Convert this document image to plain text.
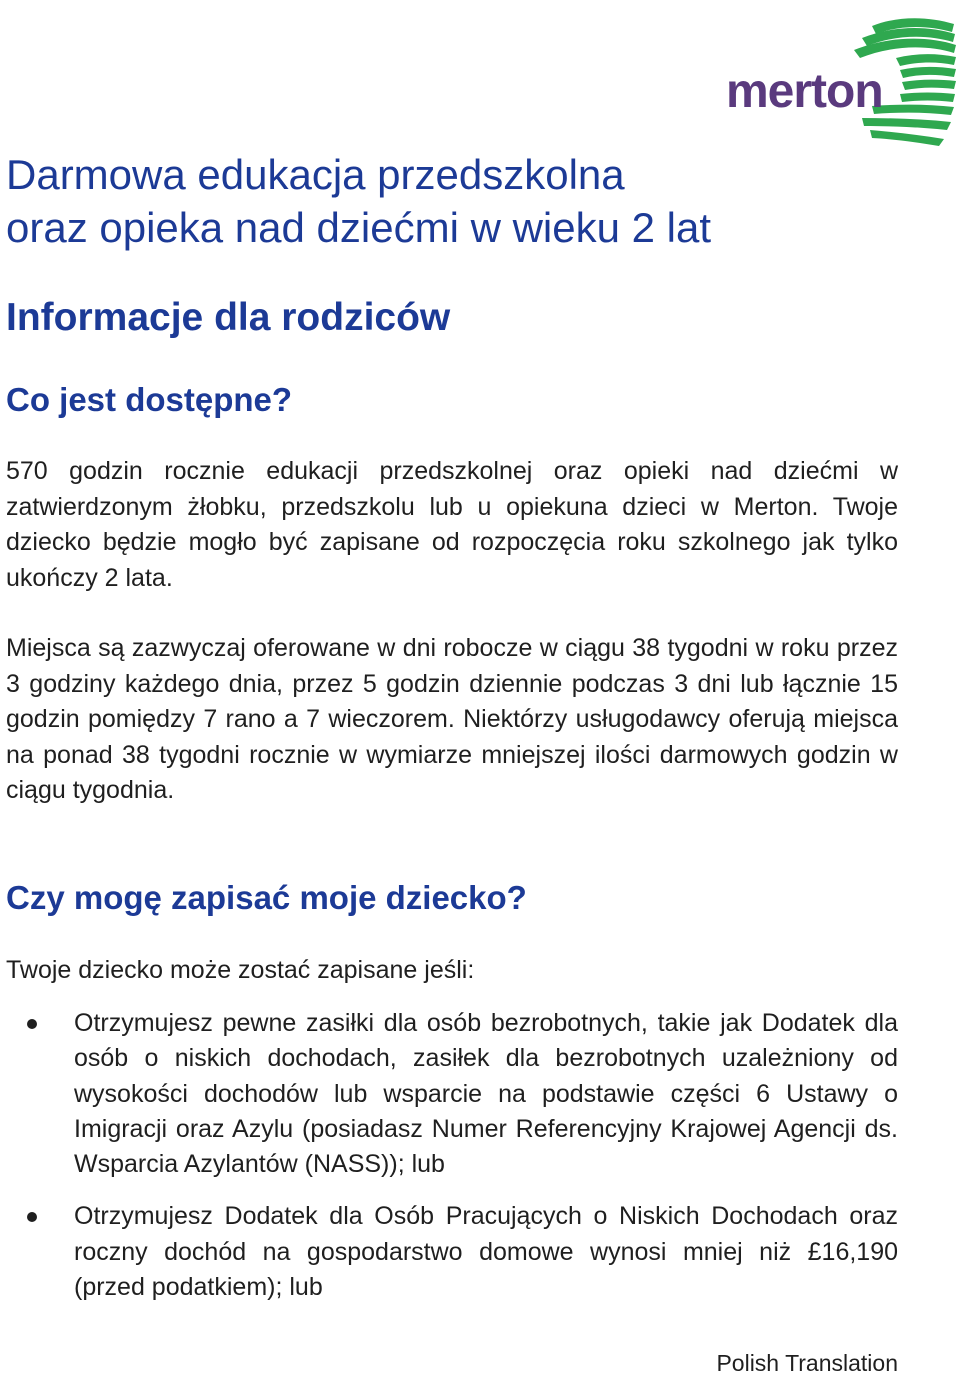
merton
Darmowa edukacja przedszkolna
oraz opieka nad dziećmi w wieku 2 lat
Informacje dla rodziców
Co jest dostępne?

570 godzin rocznie edukacji przedszkolnej oraz opieki nad dziećmi w zatwierdzonym żłobku, przedszkolu lub u opiekuna dzieci w Merton. Twoje dziecko będzie mogło być zapisane od rozpoczęcia roku szkolnego jak tylko ukończy 2 lata.

Miejsca są zazwyczaj oferowane w dni robocze w ciągu 38 tygodni w roku przez 3 godziny każdego dnia, przez 5 godzin dziennie podczas 3 dni lub łącznie 15 godzin pomiędzy 7 rano a 7 wieczorem. Niektórzy usługodawcy oferują miejsca na ponad 38 tygodni rocznie w wymiarze mniejszej ilości darmowych godzin w ciągu tygodnia.

Czy mogę zapisać moje dziecko?

Twoje dziecko może zostać zapisane jeśli:

Otrzymujesz pewne zasiłki dla osób bezrobotnych, takie jak Dodatek dla osób o niskich dochodach, zasiłek dla bezrobotnych uzależniony od wysokości dochodów lub wsparcie na podstawie części 6 Ustawy o Imigracji oraz Azylu (posiadasz Numer Referencyjny Krajowej Agencji ds. Wsparcia Azylantów (NASS)); lub
Otrzymujesz Dodatek dla Osób Pracujących o Niskich Dochodach oraz roczny dochód na gospodarstwo domowe wynosi mniej niż £16,190 (przed podatkiem); lub

Polish Translation
